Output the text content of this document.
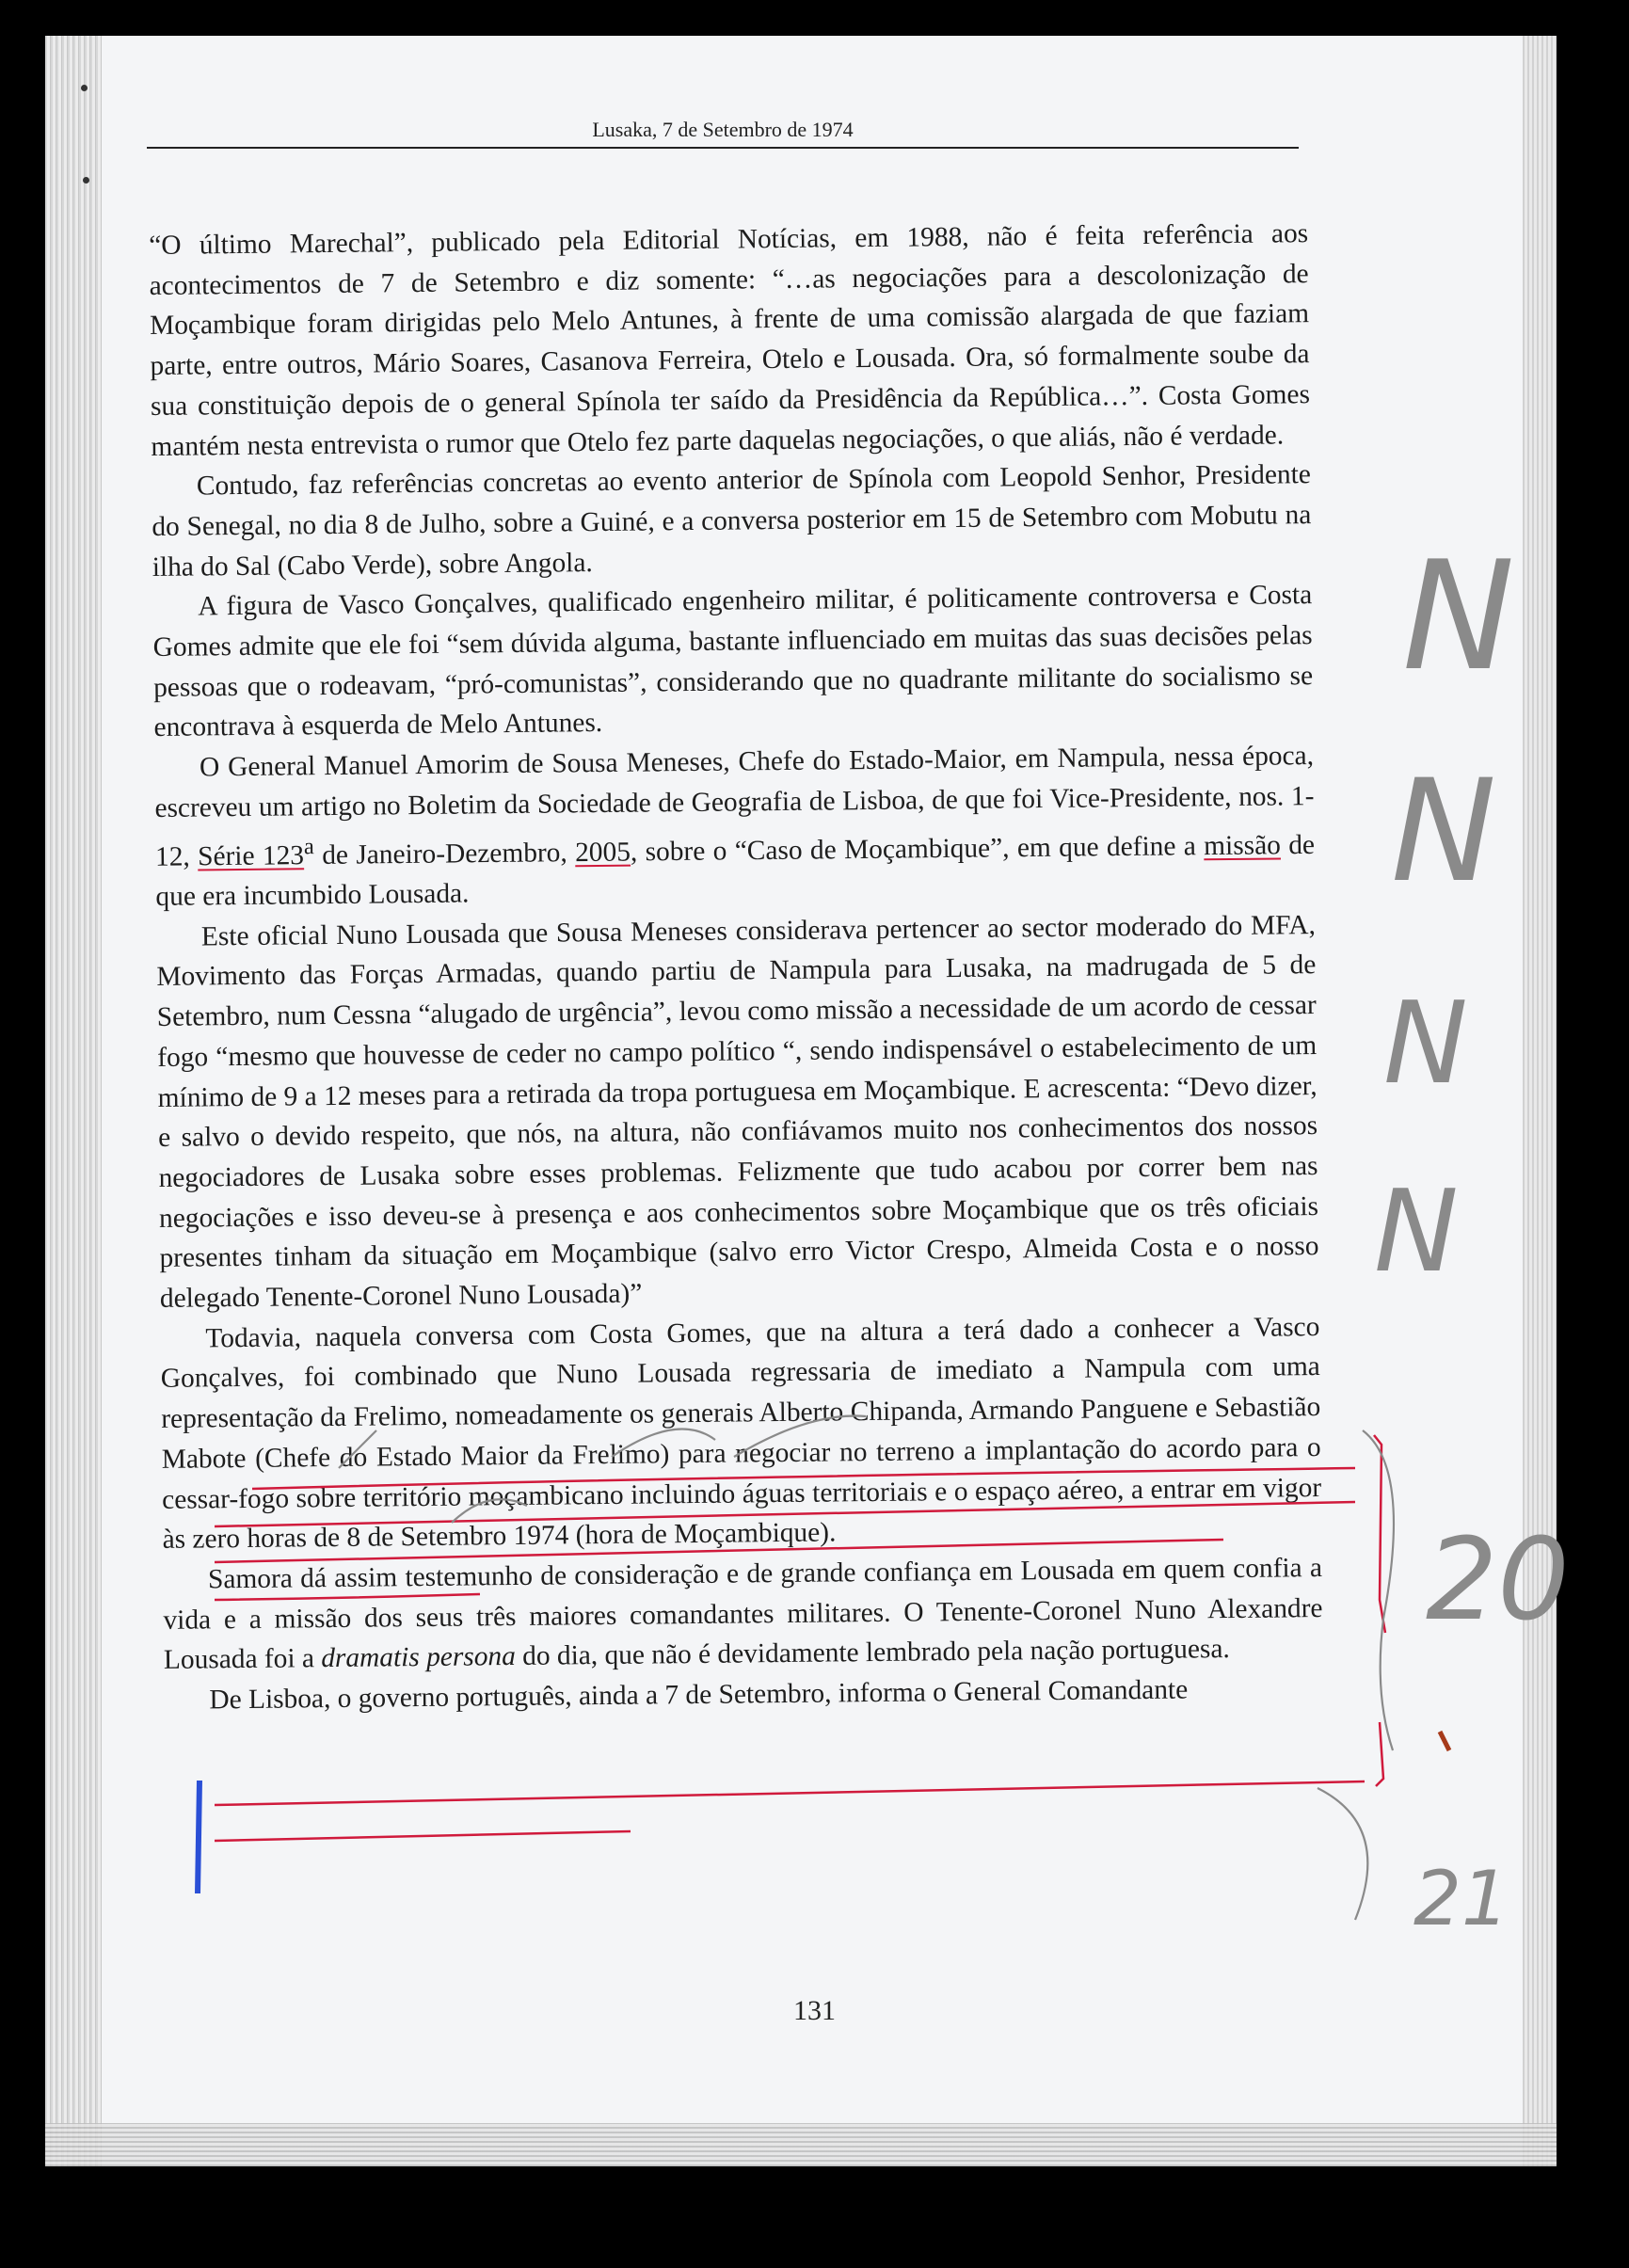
Lusaka, 7 de Setembro de 1974

“O último Marechal”, publicado pela Editorial Notícias, em 1988, não é feita referência aos acontecimentos de 7 de Setembro e diz somente: “…as negociações para a descolonização de Moçambique foram dirigidas pelo Melo Antunes, à frente de uma comissão alargada de que faziam parte, entre outros, Mário Soares, Casanova Ferreira, Otelo e Lousada. Ora, só formalmente soube da sua constituição depois de o general Spínola ter saído da Presidência da República…”. Costa Gomes mantém nesta entrevista o rumor que Otelo fez parte daquelas negociações, o que aliás, não é verdade.

Contudo, faz referências concretas ao evento anterior de Spínola com Leopold Senhor, Presidente do Senegal, no dia 8 de Julho, sobre a Guiné, e a conversa posterior em 15 de Setembro com Mobutu na ilha do Sal (Cabo Verde), sobre Angola.

A figura de Vasco Gonçalves, qualificado engenheiro militar, é politicamente controversa e Costa Gomes admite que ele foi “sem dúvida alguma, bastante influenciado em muitas das suas decisões pelas pessoas que o rodeavam, “pró-comunistas”, considerando que no quadrante militante do socialismo se encontrava à esquerda de Melo Antunes.

O General Manuel Amorim de Sousa Meneses, Chefe do Estado-Maior, em Nampula, nessa época, escreveu um artigo no Boletim da Sociedade de Geografia de Lisboa, de que foi Vice-Presidente, nos. 1-12, Série 123$^a$ de Janeiro-Dezembro, 2005, sobre o “Caso de Moçambique”, em que define a missão de que era incumbido Lousada.

Este oficial Nuno Lousada que Sousa Meneses considerava pertencer ao sector moderado do MFA, Movimento das Forças Armadas, quando partiu de Nampula para Lusaka, na madrugada de 5 de Setembro, num Cessna “alugado de urgência”, levou como missão a necessidade de um acordo de cessar fogo “mesmo que houvesse de ceder no campo político “, sendo indispensável o estabelecimento de um mínimo de 9 a 12 meses para a retirada da tropa portuguesa em Moçambique. E acrescenta: “Devo dizer, e salvo o devido respeito, que nós, na altura, não confiávamos muito nos conhecimentos dos nossos negociadores de Lusaka sobre esses problemas. Felizmente que tudo acabou por correr bem nas negociações e isso deveu-se à presença e aos conhecimentos sobre Moçambique que os três oficiais presentes tinham da situação em Moçambique (salvo erro Victor Crespo, Almeida Costa e o nosso delegado Tenente-Coronel Nuno Lousada)”

Todavia, naquela conversa com Costa Gomes, que na altura a terá dado a conhecer a Vasco Gonçalves, foi combinado que Nuno Lousada regressaria de imediato a Nampula com uma representação da Frelimo, nomeadamente os generais Alberto Chipanda, Armando Panguene e Sebastião Mabote (Chefe do Estado Maior da Frelimo) para negociar no terreno a implantação do acordo para o cessar-fogo sobre território moçambicano incluindo águas territoriais e o espaço aéreo, a entrar em vigor às zero horas de 8 de Setembro 1974 (hora de Moçambique).

Samora dá assim testemunho de consideração e de grande confiança em Lousada em quem confia a vida e a missão dos seus três maiores comandantes militares. O Tenente-Coronel Nuno Alexandre Lousada foi a dramatis persona do dia, que não é devidamente lembrado pela nação portuguesa.

De Lisboa, o governo português, ainda a 7 de Setembro, informa o General Comandante

131
N
N
N
N
20
21
